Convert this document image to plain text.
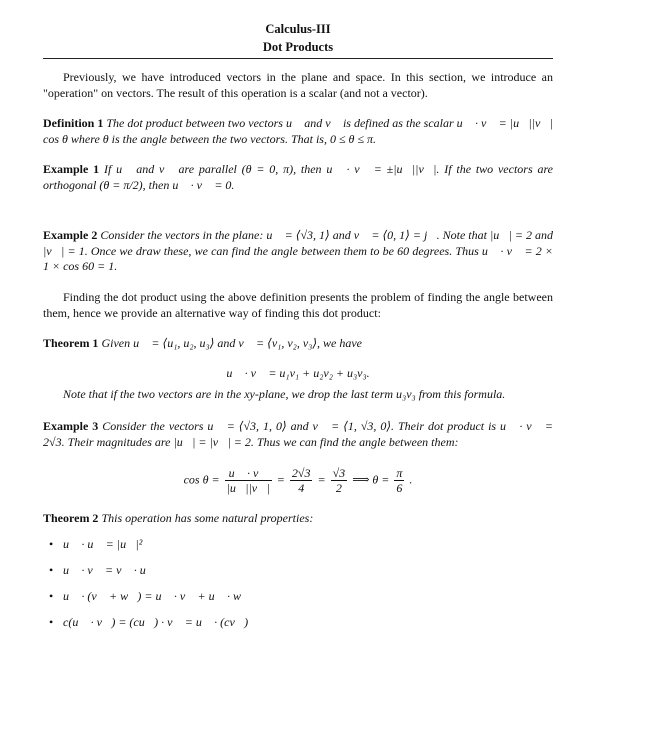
Calculus-III
Dot Products
Previously, we have introduced vectors in the plane and space. In this section, we introduce an "operation" on vectors. The result of this operation is a scalar (and not a vector).
Definition 1 The dot product between two vectors u⃗ and v⃗ is defined as the scalar u⃗ · v⃗ = |u⃗||v⃗| cos θ where θ is the angle between the two vectors. That is, 0 ≤ θ ≤ π.
Example 1 If u⃗ and v⃗ are parallel (θ = 0, π), then u⃗ · v⃗ = ±|u⃗||v⃗|. If the two vectors are orthogonal (θ = π/2), then u⃗ · v⃗ = 0.
Example 2 Consider the vectors in the plane: u⃗ = ⟨√3, 1⟩ and v⃗ = ⟨0, 1⟩ = j⃗. Note that |u⃗| = 2 and |v⃗| = 1. Once we draw these, we can find the angle between them to be 60 degrees. Thus u⃗ · v⃗ = 2 × 1 × cos 60 = 1.
Finding the dot product using the above definition presents the problem of finding the angle between them, hence we provide an alternative way of finding this dot product:
Theorem 1 Given u⃗ = ⟨u₁, u₂, u₃⟩ and v⃗ = ⟨v₁, v₂, v₃⟩, we have
u⃗ · v⃗ = u₁v₁ + u₂v₂ + u₃v₃.
Note that if the two vectors are in the xy-plane, we drop the last term u₃v₃ from this formula.
Example 3 Consider the vectors u⃗ = ⟨√3, 1, 0⟩ and v⃗ = ⟨1, √3, 0⟩. Their dot product is u⃗ · v⃗ = 2√3. Their magnitudes are |u⃗| = |v⃗| = 2. Thus we can find the angle between them:
$\cos \theta = \frac{u⃗ \cdot v⃗}{|u⃗||v⃗|} = \frac{2√3}{4} = \frac{√3}{2}$ ⟹ $\theta = \frac{\pi}{6}$ .
Theorem 2 This operation has some natural properties:
• u⃗ · u⃗ = |u⃗|²
• u⃗ · v⃗ = v⃗ · u⃗
• u⃗ · (v⃗ + w⃗) = u⃗ · v⃗ + u⃗ · w⃗
• c(u⃗ · v⃗) = (cu⃗) · v⃗ = u⃗ · (cv⃗)
